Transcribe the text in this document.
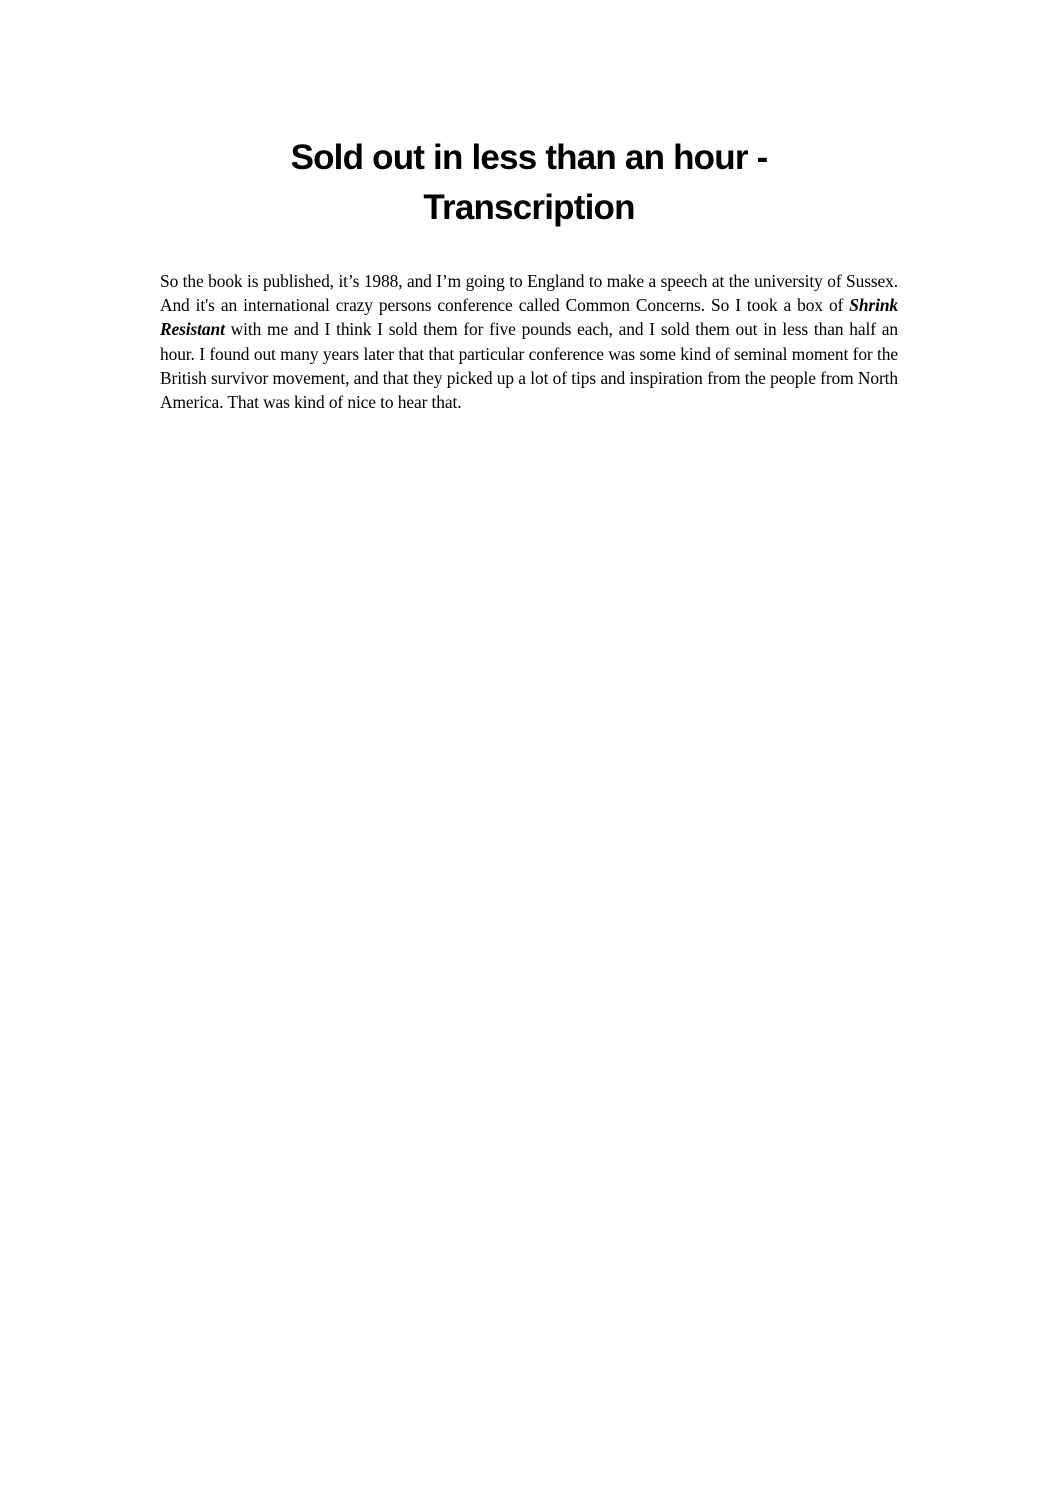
Sold out in less than an hour -
Transcription

So the book is published, it’s 1988, and I’m going to England to make a speech at the university of Sussex. And it's an international crazy persons conference called Common Concerns. So I took a box of Shrink Resistant with me and I think I sold them for five pounds each, and I sold them out in less than half an hour. I found out many years later that that particular conference was some kind of seminal moment for the British survivor movement, and that they picked up a lot of tips and inspiration from the people from North America. That was kind of nice to hear that.
